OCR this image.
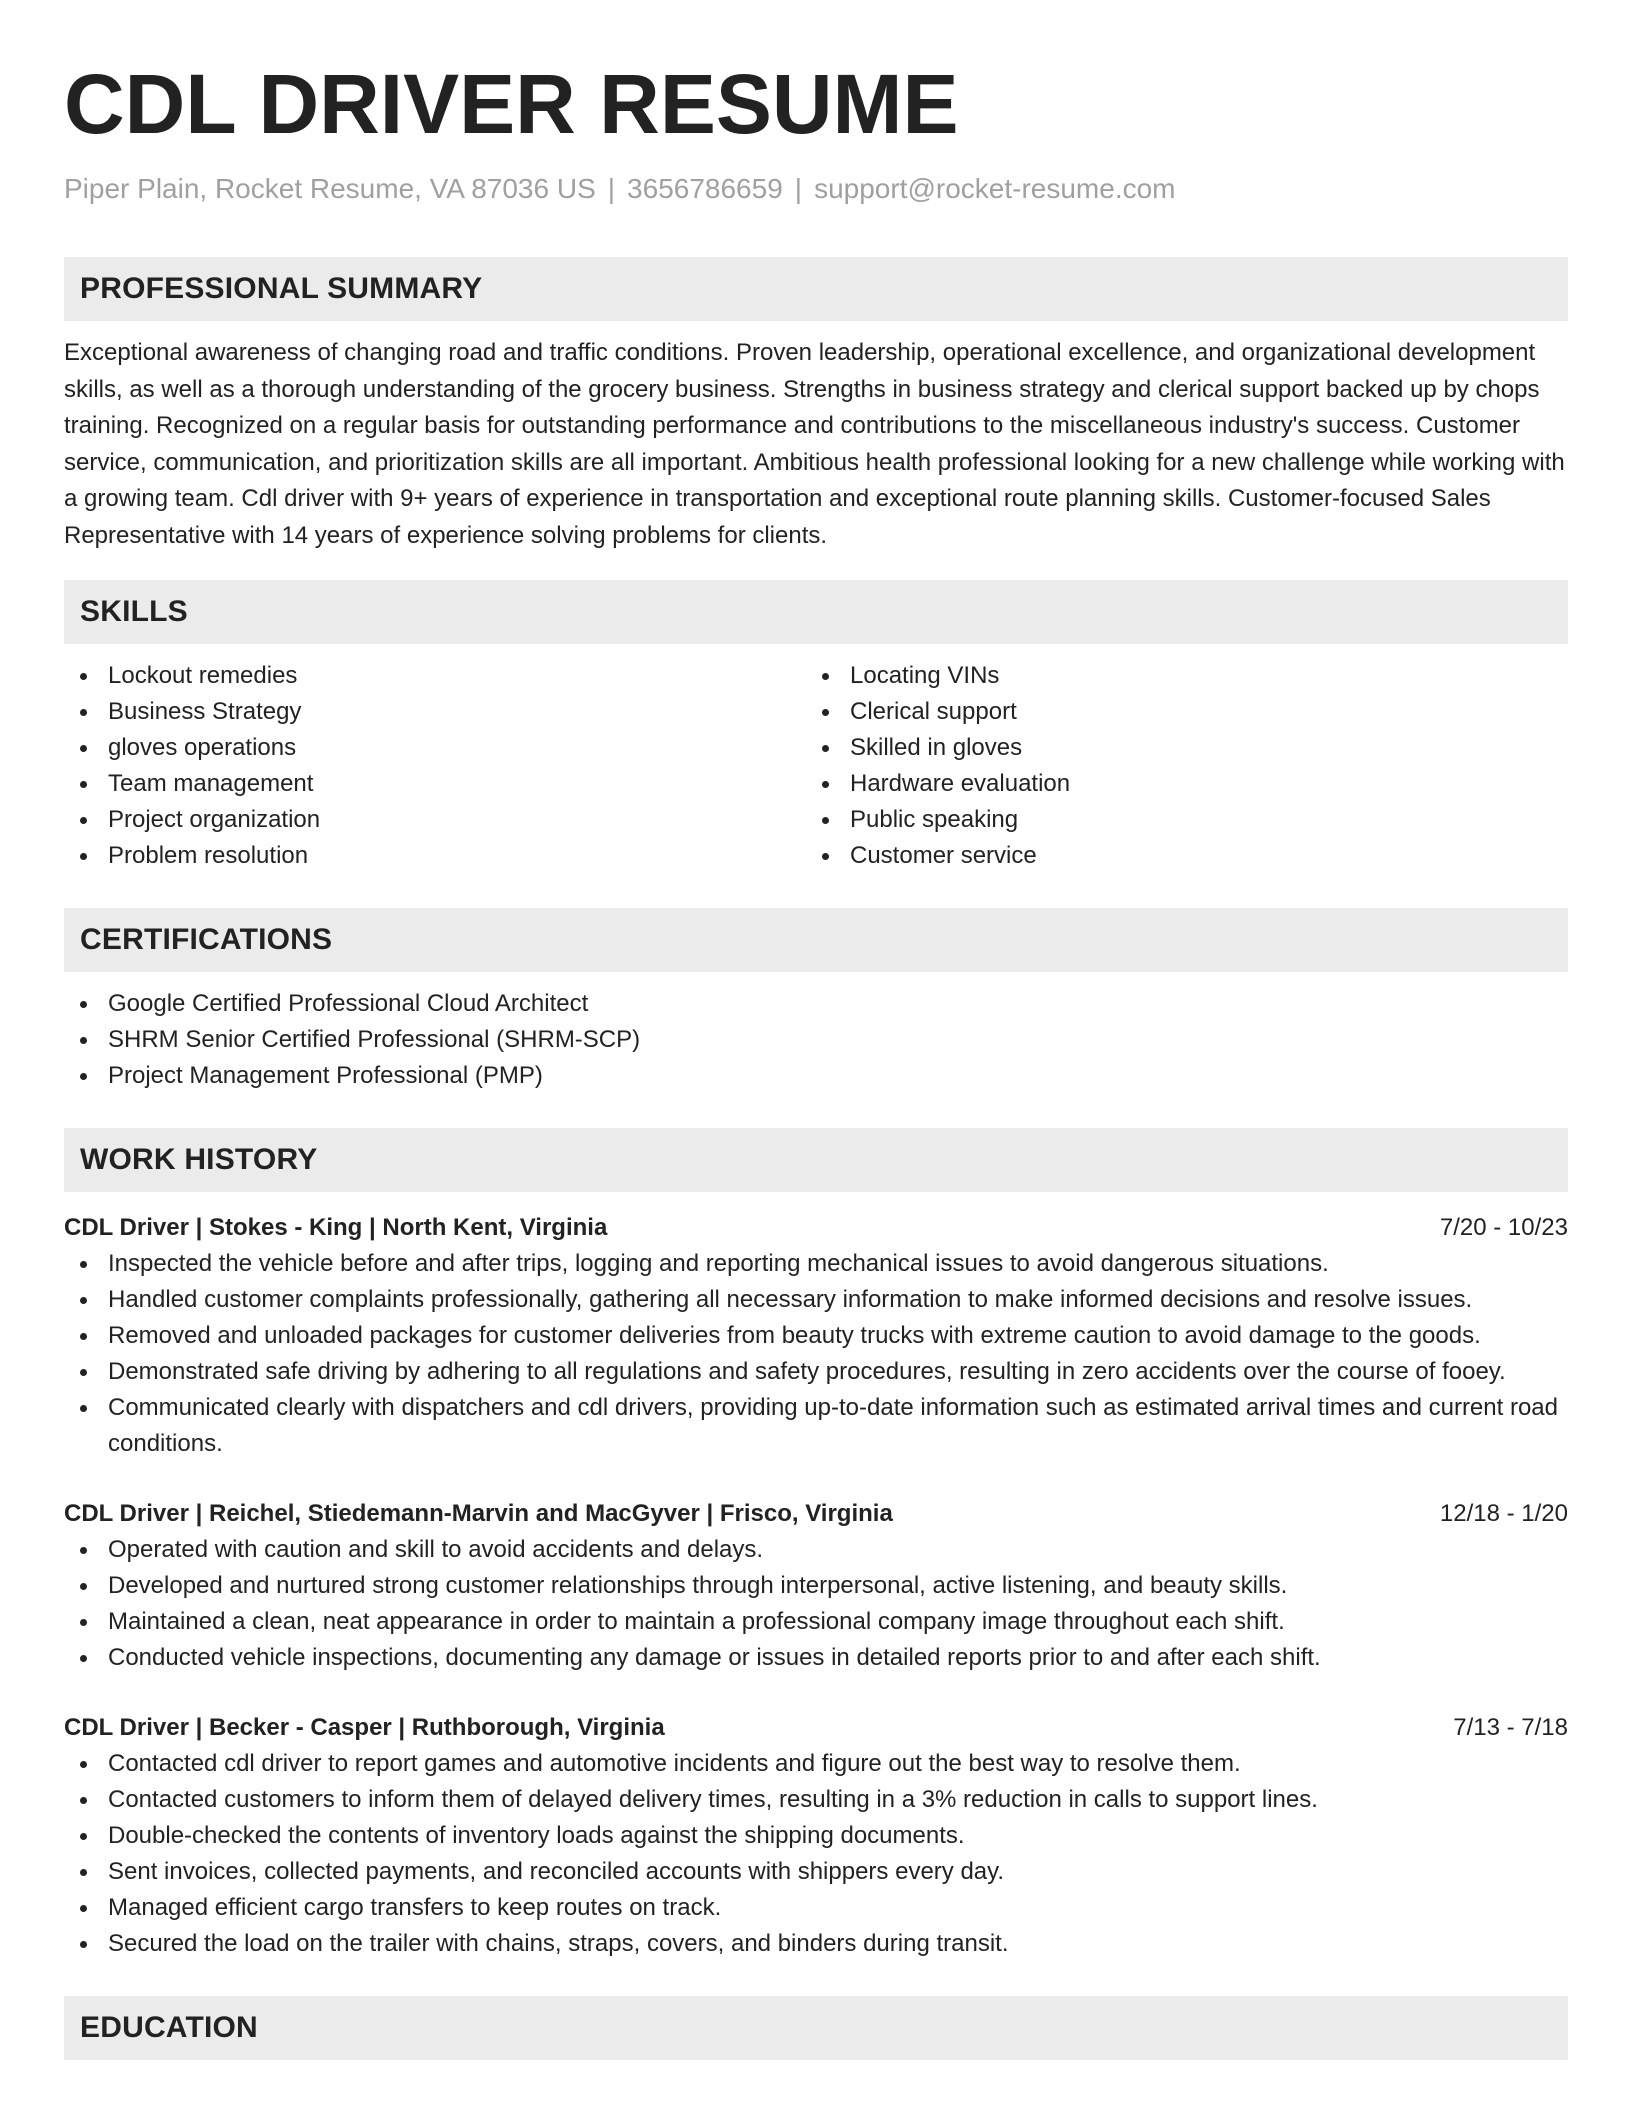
CDL DRIVER RESUME
Piper Plain, Rocket Resume, VA 87036 US | 3656786659 | support@rocket-resume.com
PROFESSIONAL SUMMARY

Exceptional awareness of changing road and traffic conditions. Proven leadership, operational excellence, and organizational development skills, as well as a thorough understanding of the grocery business. Strengths in business strategy and clerical support backed up by chops training. Recognized on a regular basis for outstanding performance and contributions to the miscellaneous industry's success. Customer service, communication, and prioritization skills are all important. Ambitious health professional looking for a new challenge while working with a growing team. Cdl driver with 9+ years of experience in transportation and exceptional route planning skills. Customer-focused Sales Representative with 14 years of experience solving problems for clients.

SKILLS
Lockout remedies
Business Strategy
gloves operations
Team management
Project organization
Problem resolution
Locating VINs
Clerical support
Skilled in gloves
Hardware evaluation
Public speaking
Customer service
CERTIFICATIONS
Google Certified Professional Cloud Architect
SHRM Senior Certified Professional (SHRM-SCP)
Project Management Professional (PMP)
WORK HISTORY
CDL Driver | Stokes - King | North Kent, Virginia	7/20 - 10/23
Inspected the vehicle before and after trips, logging and reporting mechanical issues to avoid dangerous situations.
Handled customer complaints professionally, gathering all necessary information to make informed decisions and resolve issues.
Removed and unloaded packages for customer deliveries from beauty trucks with extreme caution to avoid damage to the goods.
Demonstrated safe driving by adhering to all regulations and safety procedures, resulting in zero accidents over the course of fooey.
Communicated clearly with dispatchers and cdl drivers, providing up-to-date information such as estimated arrival times and current road conditions.
CDL Driver | Reichel, Stiedemann-Marvin and MacGyver | Frisco, Virginia	12/18 - 1/20
Operated with caution and skill to avoid accidents and delays.
Developed and nurtured strong customer relationships through interpersonal, active listening, and beauty skills.
Maintained a clean, neat appearance in order to maintain a professional company image throughout each shift.
Conducted vehicle inspections, documenting any damage or issues in detailed reports prior to and after each shift.
CDL Driver | Becker - Casper | Ruthborough, Virginia	7/13 - 7/18
Contacted cdl driver to report games and automotive incidents and figure out the best way to resolve them.
Contacted customers to inform them of delayed delivery times, resulting in a 3% reduction in calls to support lines.
Double-checked the contents of inventory loads against the shipping documents.
Sent invoices, collected payments, and reconciled accounts with shippers every day.
Managed efficient cargo transfers to keep routes on track.
Secured the load on the trailer with chains, straps, covers, and binders during transit.
EDUCATION
